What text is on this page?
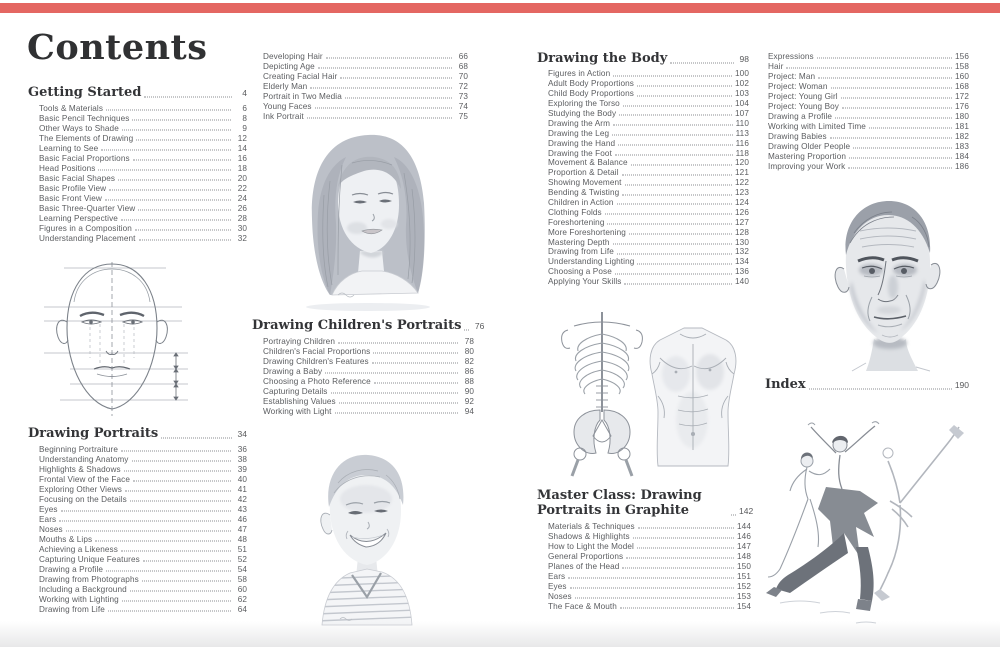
Contents
Getting Started	4
Tools & Materials	6
Basic Pencil Techniques	8
Other Ways to Shade	9
The Elements of Drawing	12
Learning to See	14
Basic Facial Proportions	16
Head Positions	18
Basic Facial Shapes	20
Basic Profile View	22
Basic Front View	24
Basic Three-Quarter View	26
Learning Perspective	28
Figures in a Composition	30
Understanding Placement	32
Drawing Portraits	34
Beginning Portraiture	36
Understanding Anatomy	38
Highlights & Shadows	39
Frontal View of the Face	40
Exploring Other Views	41
Focusing on the Details	42
Eyes	43
Ears	46
Noses	47
Mouths & Lips	48
Achieving a Likeness	51
Capturing Unique Features	52
Drawing a Profile	54
Drawing from Photographs	58
Including a Background	60
Working with Lighting	62
Drawing from Life	64
Developing Hair	66
Depicting Age	68
Creating Facial Hair	70
Elderly Man	72
Portrait in Two Media	73
Young Faces	74
Ink Portrait	75
Drawing Children's Portraits 76
Portraying Children	78
Children's Facial Proportions	80
Drawing Children's Features	82
Drawing a Baby	86
Choosing a Photo Reference	88
Capturing Details	90
Establishing Values	92
Working with Light	94
Drawing the Body	98
Figures in Action	100
Adult Body Proportions	102
Child Body Proportions	103
Exploring the Torso	104
Studying the Body	107
Drawing the Arm	110
Drawing the Leg	113
Drawing the Hand	116
Drawing the Foot	118
Movement & Balance	120
Proportion & Detail	121
Showing Movement	122
Bending & Twisting	123
Children in Action	124
Clothing Folds	126
Foreshortening	127
More Foreshortening	128
Mastering Depth	130
Drawing from Life	132
Understanding Lighting	134
Choosing a Pose	136
Applying Your Skills	140
Master Class: Drawing Portraits in Graphite	142
Materials & Techniques	144
Shadows & Highlights	146
How to Light the Model	147
General Proportions	148
Planes of the Head	150
Ears	151
Eyes	152
Noses	153
The Face & Mouth	154
Expressions	156
Hair	158
Project: Man	160
Project: Woman	168
Project: Young Girl	172
Project: Young Boy	176
Drawing a Profile	180
Working with Limited Time	181
Drawing Babies	182
Drawing Older People	183
Mastering Proportion	184
Improving your Work	186
Index	190
